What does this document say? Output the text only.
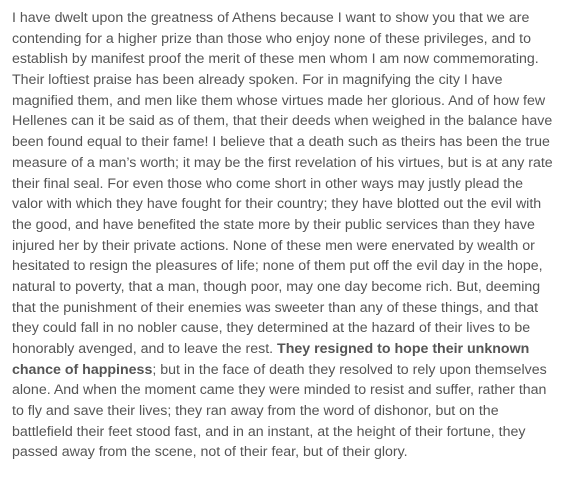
I have dwelt upon the greatness of Athens because I want to show you that we are
contending for a higher prize than those who enjoy none of these privileges, and to
establish by manifest proof the merit of these men whom I am now commemorating.
Their loftiest praise has been already spoken. For in magnifying the city I have
magnified them, and men like them whose virtues made her glorious. And of how few
Hellenes can it be said as of them, that their deeds when weighed in the balance have
been found equal to their fame! I believe that a death such as theirs has been the true
measure of a man’s worth; it may be the first revelation of his virtues, but is at any rate
their final seal. For even those who come short in other ways may justly plead the
valor with which they have fought for their country; they have blotted out the evil with
the good, and have benefited the state more by their public services than they have
injured her by their private actions. None of these men were enervated by wealth or
hesitated to resign the pleasures of life; none of them put off the evil day in the hope,
natural to poverty, that a man, though poor, may one day become rich. But, deeming
that the punishment of their enemies was sweeter than any of these things, and that
they could fall in no nobler cause, they determined at the hazard of their lives to be
honorably avenged, and to leave the rest. They resigned to hope their unknown
chance of happiness; but in the face of death they resolved to rely upon themselves
alone. And when the moment came they were minded to resist and suffer, rather than
to fly and save their lives; they ran away from the word of dishonor, but on the
battlefield their feet stood fast, and in an instant, at the height of their fortune, they
passed away from the scene, not of their fear, but of their glory.
